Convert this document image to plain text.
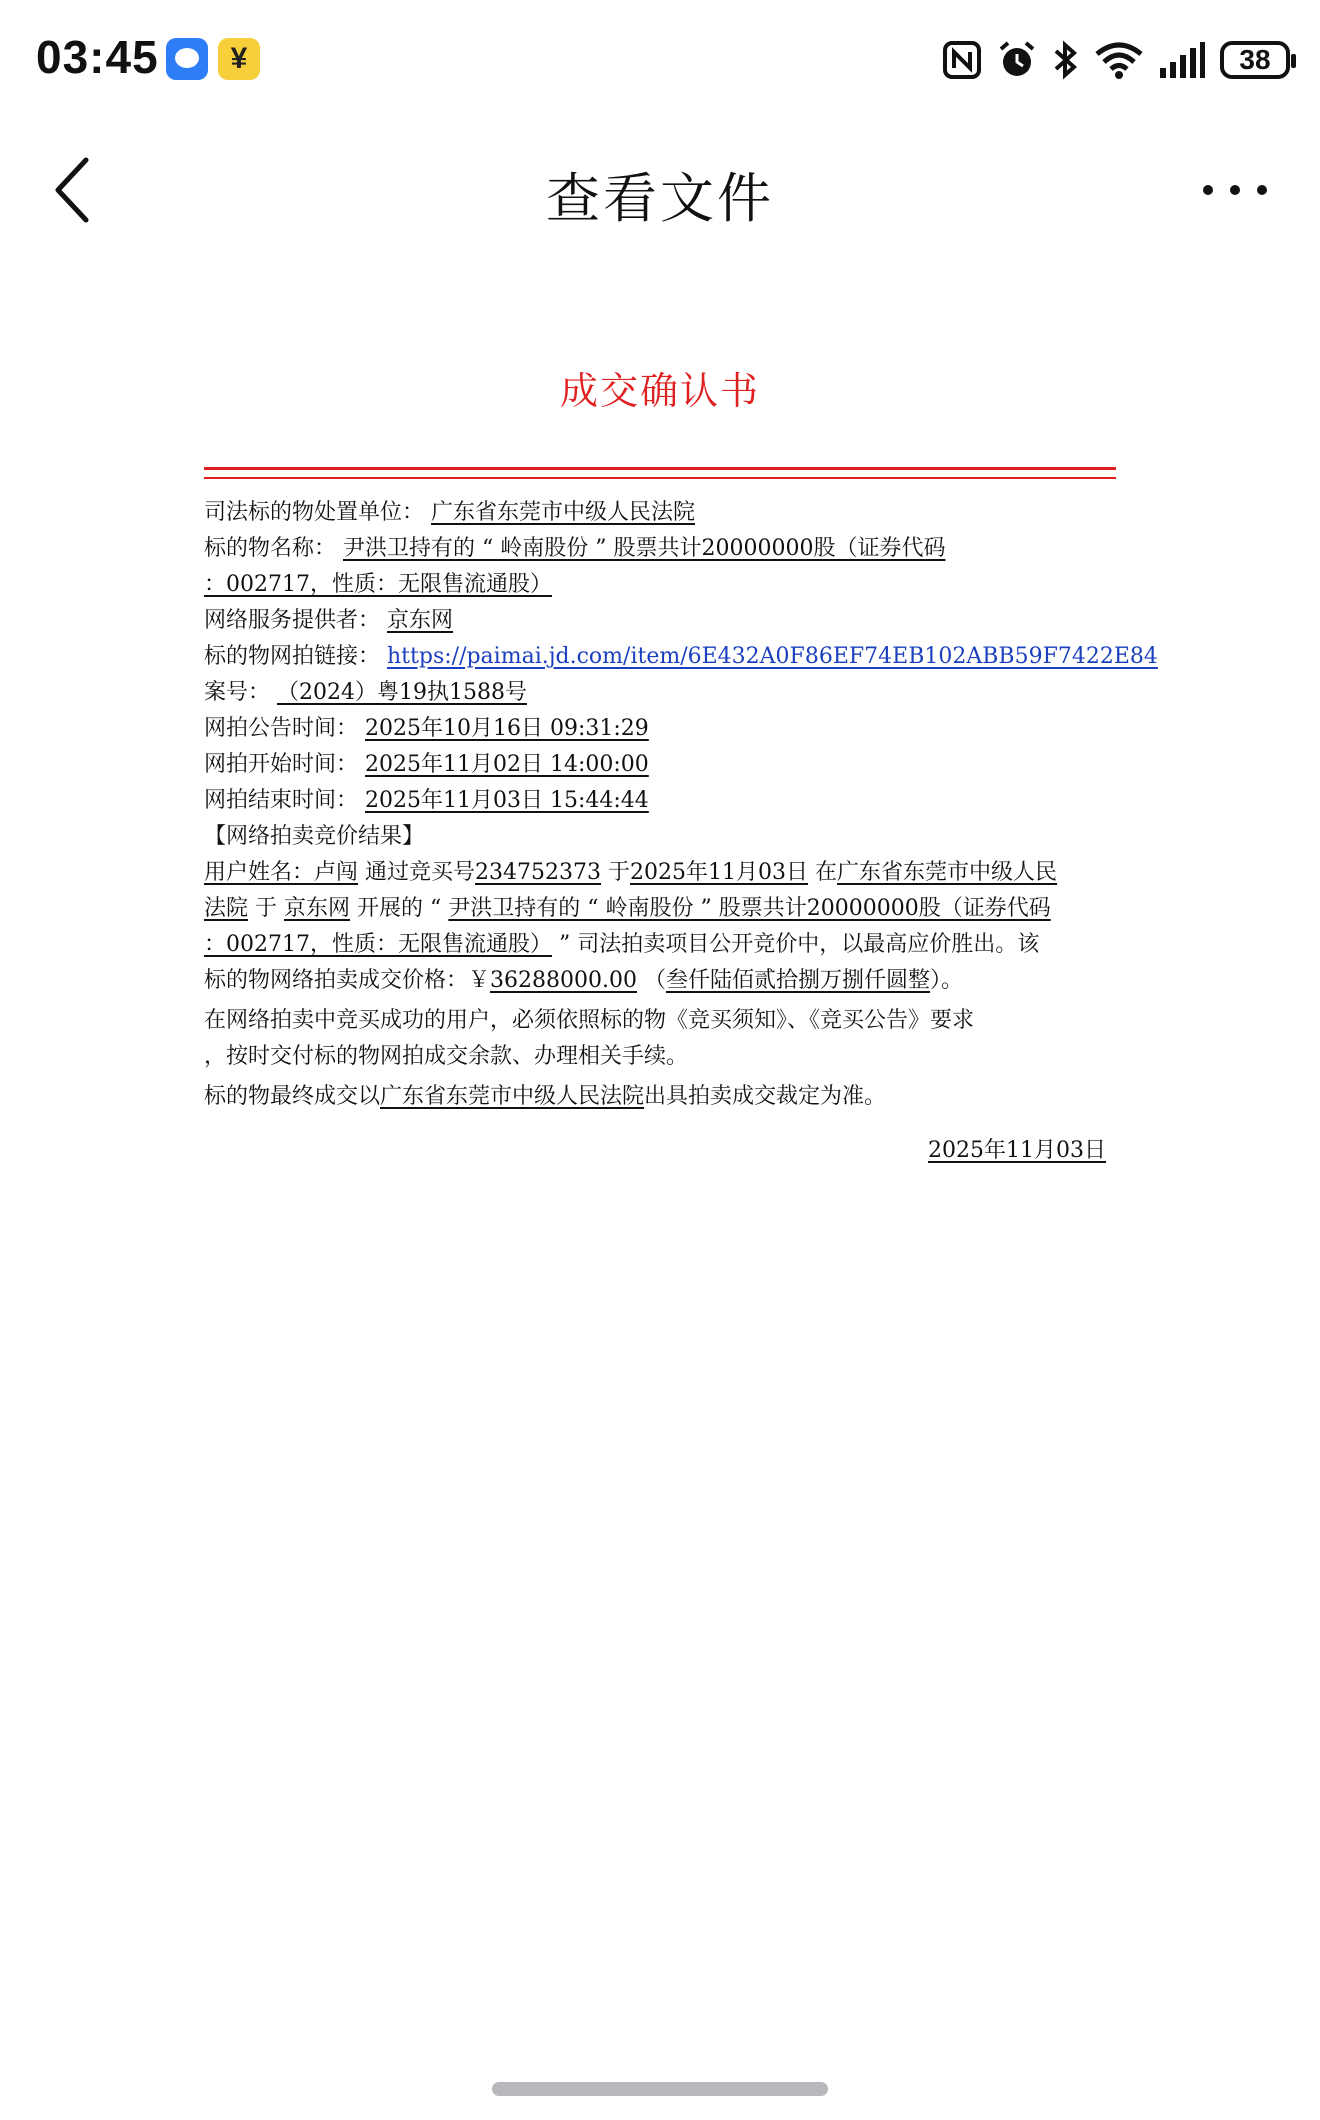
03:45	¥	38
查看文件
成交确认书
司法标的物处置单位： 广东省东莞市中级人民法院
标的物名称： 尹洪卫持有的 “ 岭南股份 ” 股票共计20000000股（证券代码
：002717，性质：无限售流通股）
网络服务提供者： 京东网
标的物网拍链接： https://paimai.jd.com/item/6E432A0F86EF74EB102ABB59F7422E84
案号： （2024）粤19执1588号
网拍公告时间： 2025年10月16日 09:31:29
网拍开始时间： 2025年11月02日 14:00:00
网拍结束时间： 2025年11月03日 15:44:44
【网络拍卖竞价结果】
用户姓名：卢闯 通过竞买号234752373 于2025年11月03日 在广东省东莞市中级人民
法院 于 京东网 开展的 “ 尹洪卫持有的 “ 岭南股份 ” 股票共计20000000股（证券代码
：002717，性质：无限售流通股） ” 司法拍卖项目公开竞价中，以最高应价胜出。该
标的物网络拍卖成交价格：￥36288000.00 （叁仟陆佰贰拾捌万捌仟圆整）。
在网络拍卖中竞买成功的用户，必须依照标的物《竞买须知》、《竞买公告》要求
，按时交付标的物网拍成交余款、办理相关手续。
标的物最终成交以广东省东莞市中级人民法院出具拍卖成交裁定为准。
2025年11月03日
